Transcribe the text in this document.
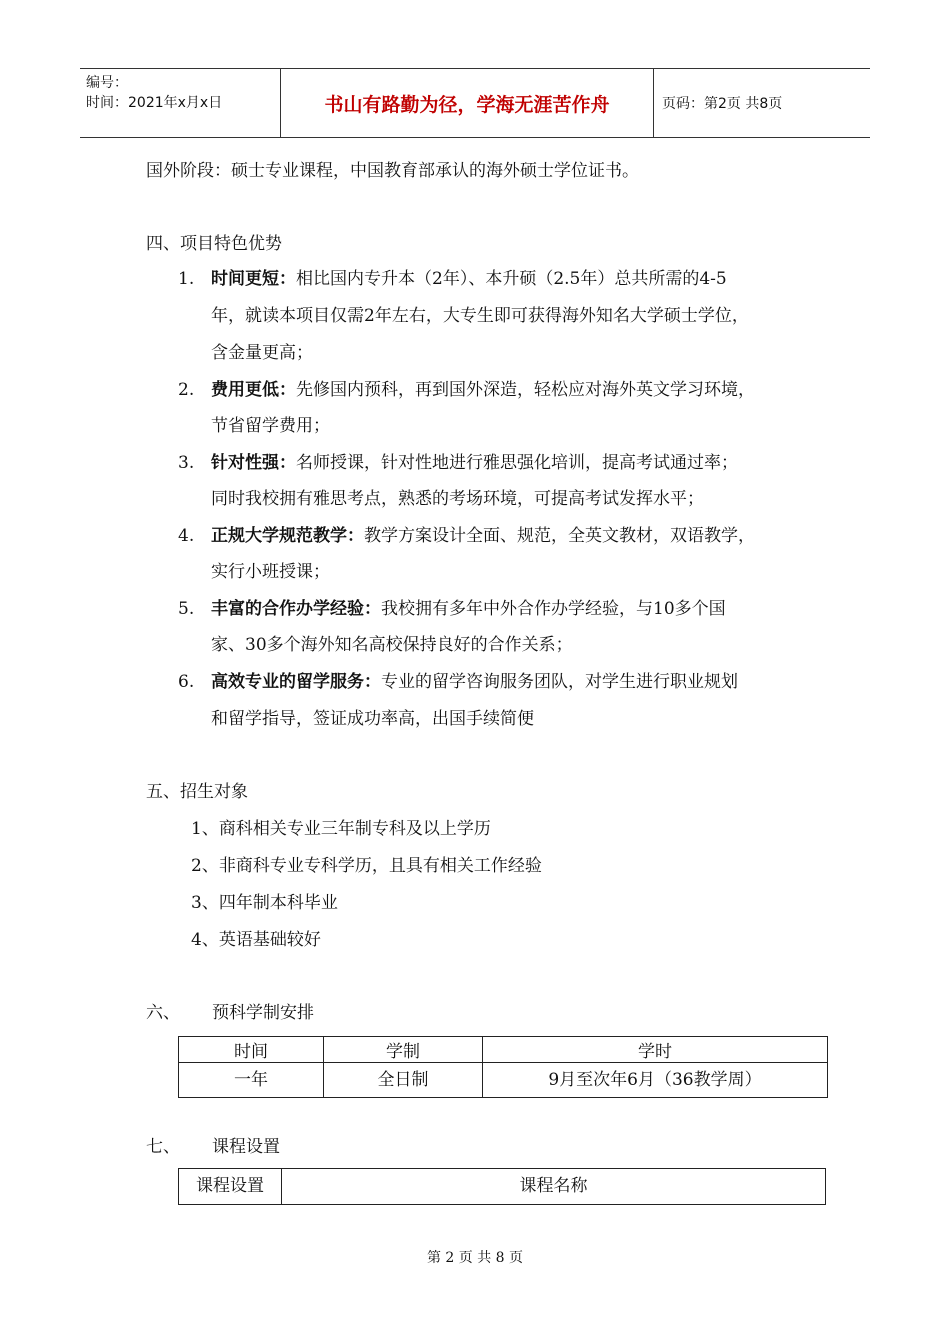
编号：
时间：2021年x月x日	书山有路勤为径，学海无涯苦作舟	页码：第2页 共8页
国外阶段：硕士专业课程，中国教育部承认的海外硕士学位证书。
四、项目特色优势
1. 时间更短：相比国内专升本（2年）、本升硕（2.5年）总共所需的4-5
年，就读本项目仅需2年左右，大专生即可获得海外知名大学硕士学位，
含金量更高；
2. 费用更低：先修国内预科，再到国外深造，轻松应对海外英文学习环境，
节省留学费用；
3. 针对性强：名师授课，针对性地进行雅思强化培训，提高考试通过率；
同时我校拥有雅思考点，熟悉的考场环境，可提高考试发挥水平；
4. 正规大学规范教学：教学方案设计全面、规范，全英文教材，双语教学，
实行小班授课；
5. 丰富的合作办学经验：我校拥有多年中外合作办学经验，与10多个国
家、30多个海外知名高校保持良好的合作关系；
6. 高效专业的留学服务：专业的留学咨询服务团队，对学生进行职业规划
和留学指导，签证成功率高，出国手续简便
五、招生对象
1、商科相关专业三年制专科及以上学历
2、非商科专业专科学历，且具有相关工作经验
3、四年制本科毕业
4、英语基础较好
六、 预科学制安排
时间	学制	学时
一年	全日制	9月至次年6月（36教学周）
七、 课程设置
课程设置	课程名称
第 2 页 共 8 页
